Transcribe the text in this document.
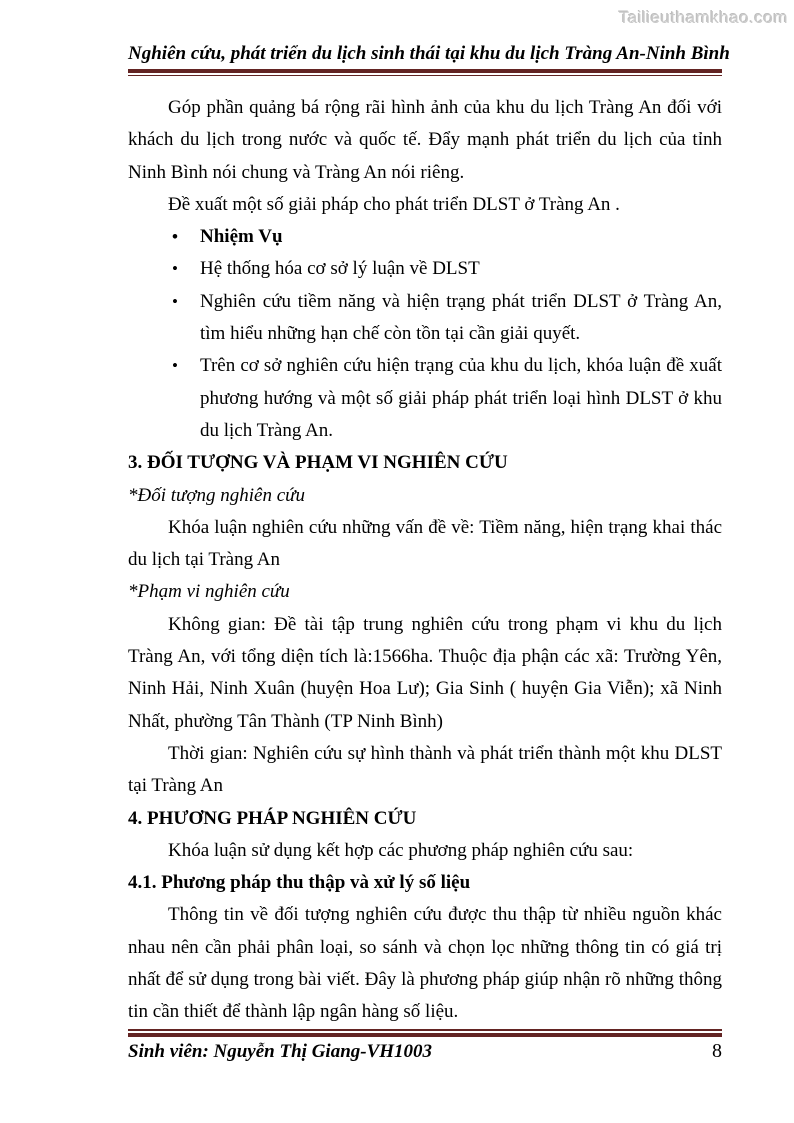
Tailieuthamkhao.com
Nghiên cứu, phát triển du lịch sinh thái tại khu du lịch Tràng An-Ninh Bình

Góp phần quảng bá rộng rãi hình ảnh của khu du lịch Tràng An đối với khách du lịch trong nước và quốc tế. Đẩy mạnh phát triển du lịch của tỉnh Ninh Bình nói chung và Tràng An nói riêng.

Đề xuất một số giải pháp cho phát triển DLST ở Tràng An .

• Nhiệm Vụ
• Hệ thống hóa cơ sở lý luận về DLST
• Nghiên cứu tiềm năng và hiện trạng phát triển DLST ở Tràng An, tìm hiểu những hạn chế còn tồn tại cần giải quyết.
• Trên cơ sở nghiên cứu hiện trạng của khu du lịch, khóa luận đề xuất phương hướng và một số giải pháp phát triển loại hình DLST ở khu du lịch Tràng An.

3. ĐỐI TƯỢNG VÀ PHẠM VI NGHIÊN CỨU

*Đối tượng nghiên cứu

Khóa luận nghiên cứu những vấn đề về: Tiềm năng, hiện trạng khai thác du lịch tại Tràng An

*Phạm vi nghiên cứu

Không gian: Đề tài tập trung nghiên cứu trong phạm vi khu du lịch Tràng An, với tổng diện tích là:1566ha. Thuộc địa phận các xã: Trường Yên, Ninh Hải, Ninh Xuân (huyện Hoa Lư); Gia Sinh ( huyện Gia Viễn); xã Ninh Nhất, phường Tân Thành (TP Ninh Bình)

Thời gian: Nghiên cứu sự hình thành và phát triển thành một khu DLST tại Tràng An

4. PHƯƠNG PHÁP NGHIÊN CỨU

Khóa luận sử dụng kết hợp các phương pháp nghiên cứu sau:

4.1. Phương pháp thu thập và xử lý số liệu

Thông tin về đối tượng nghiên cứu được thu thập từ nhiều nguồn khác nhau nên cần phải phân loại, so sánh và chọn lọc những thông tin có giá trị nhất để sử dụng trong bài viết. Đây là phương pháp giúp nhận rõ những thông tin cần thiết để thành lập ngân hàng số liệu.

Sinh viên: Nguyễn Thị Giang-VH1003	8
